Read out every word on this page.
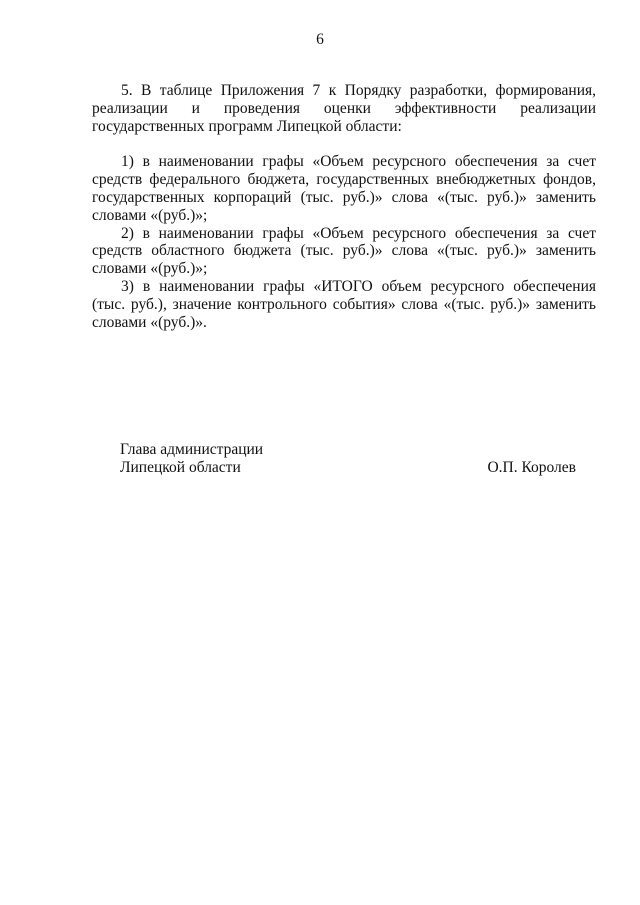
6

5. В таблице Приложения 7 к Порядку разработки, формирования, реализации и проведения оценки эффективности реализации государственных программ Липецкой области:

1) в наименовании графы «Объем ресурсного обеспечения за счет средств федерального бюджета, государственных внебюджетных фондов, государственных корпораций (тыс. руб.)» слова «(тыс. руб.)» заменить словами «(руб.)»;

2) в наименовании графы «Объем ресурсного обеспечения за счет средств областного бюджета (тыс. руб.)» слова «(тыс. руб.)» заменить словами «(руб.)»;

3) в наименовании графы «ИТОГО объем ресурсного обеспечения (тыс. руб.), значение контрольного события» слова «(тыс. руб.)» заменить словами «(руб.)».

Глава администрации
Липецкой области	О.П. Королев
